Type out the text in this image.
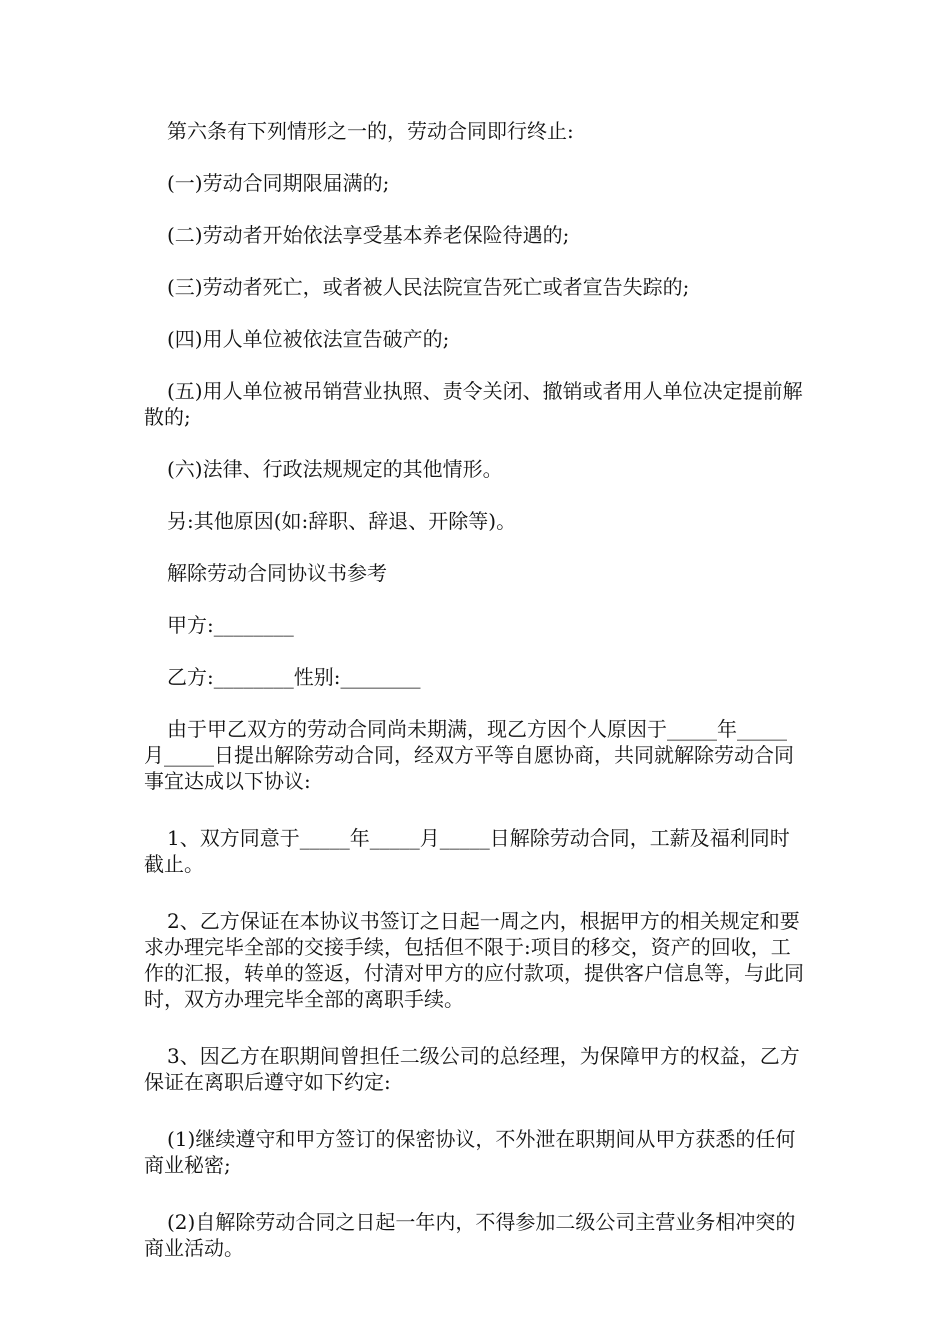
第六条有下列情形之一的，劳动合同即行终止:

(一)劳动合同期限届满的;

(二)劳动者开始依法享受基本养老保险待遇的;

(三)劳动者死亡，或者被人民法院宣告死亡或者宣告失踪的;

(四)用人单位被依法宣告破产的;

(五)用人单位被吊销营业执照、责令关闭、撤销或者用人单位决定提前解散的;

(六)法律、行政法规规定的其他情形。

另:其他原因(如:辞职、辞退、开除等)。

解除劳动合同协议书参考

甲方:________

乙方:________性别:________

由于甲乙双方的劳动合同尚未期满，现乙方因个人原因于_____年_____月_____日提出解除劳动合同，经双方平等自愿协商，共同就解除劳动合同事宜达成以下协议:

1、双方同意于_____年_____月_____日解除劳动合同，工薪及福利同时截止。

2、乙方保证在本协议书签订之日起一周之内，根据甲方的相关规定和要求办理完毕全部的交接手续，包括但不限于:项目的移交，资产的回收，工作的汇报，转单的签返，付清对甲方的应付款项，提供客户信息等，与此同时，双方办理完毕全部的离职手续。

3、因乙方在职期间曾担任二级公司的总经理，为保障甲方的权益，乙方保证在离职后遵守如下约定:

(1)继续遵守和甲方签订的保密协议，不外泄在职期间从甲方获悉的任何商业秘密;

(2)自解除劳动合同之日起一年内，不得参加二级公司主营业务相冲突的商业活动。
